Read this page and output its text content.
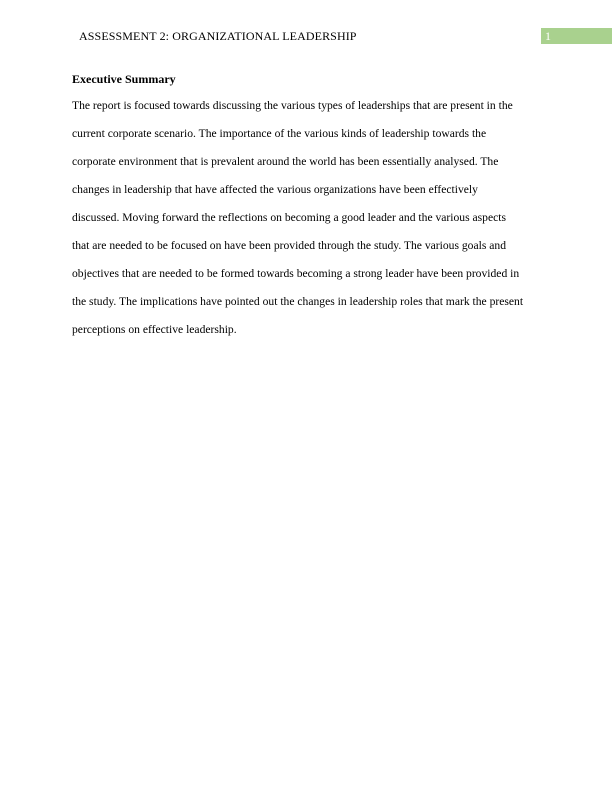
ASSESSMENT 2: ORGANIZATIONAL LEADERSHIP	1
Executive Summary
The report is focused towards discussing the various types of leaderships that are present in the
current corporate scenario. The importance of the various kinds of leadership towards the
corporate environment that is prevalent around the world has been essentially analysed. The
changes in leadership that have affected the various organizations have been effectively
discussed. Moving forward the reflections on becoming a good leader and the various aspects
that are needed to be focused on have been provided through the study. The various goals and
objectives that are needed to be formed towards becoming a strong leader have been provided in
the study. The implications have pointed out the changes in leadership roles that mark the present
perceptions on effective leadership.
